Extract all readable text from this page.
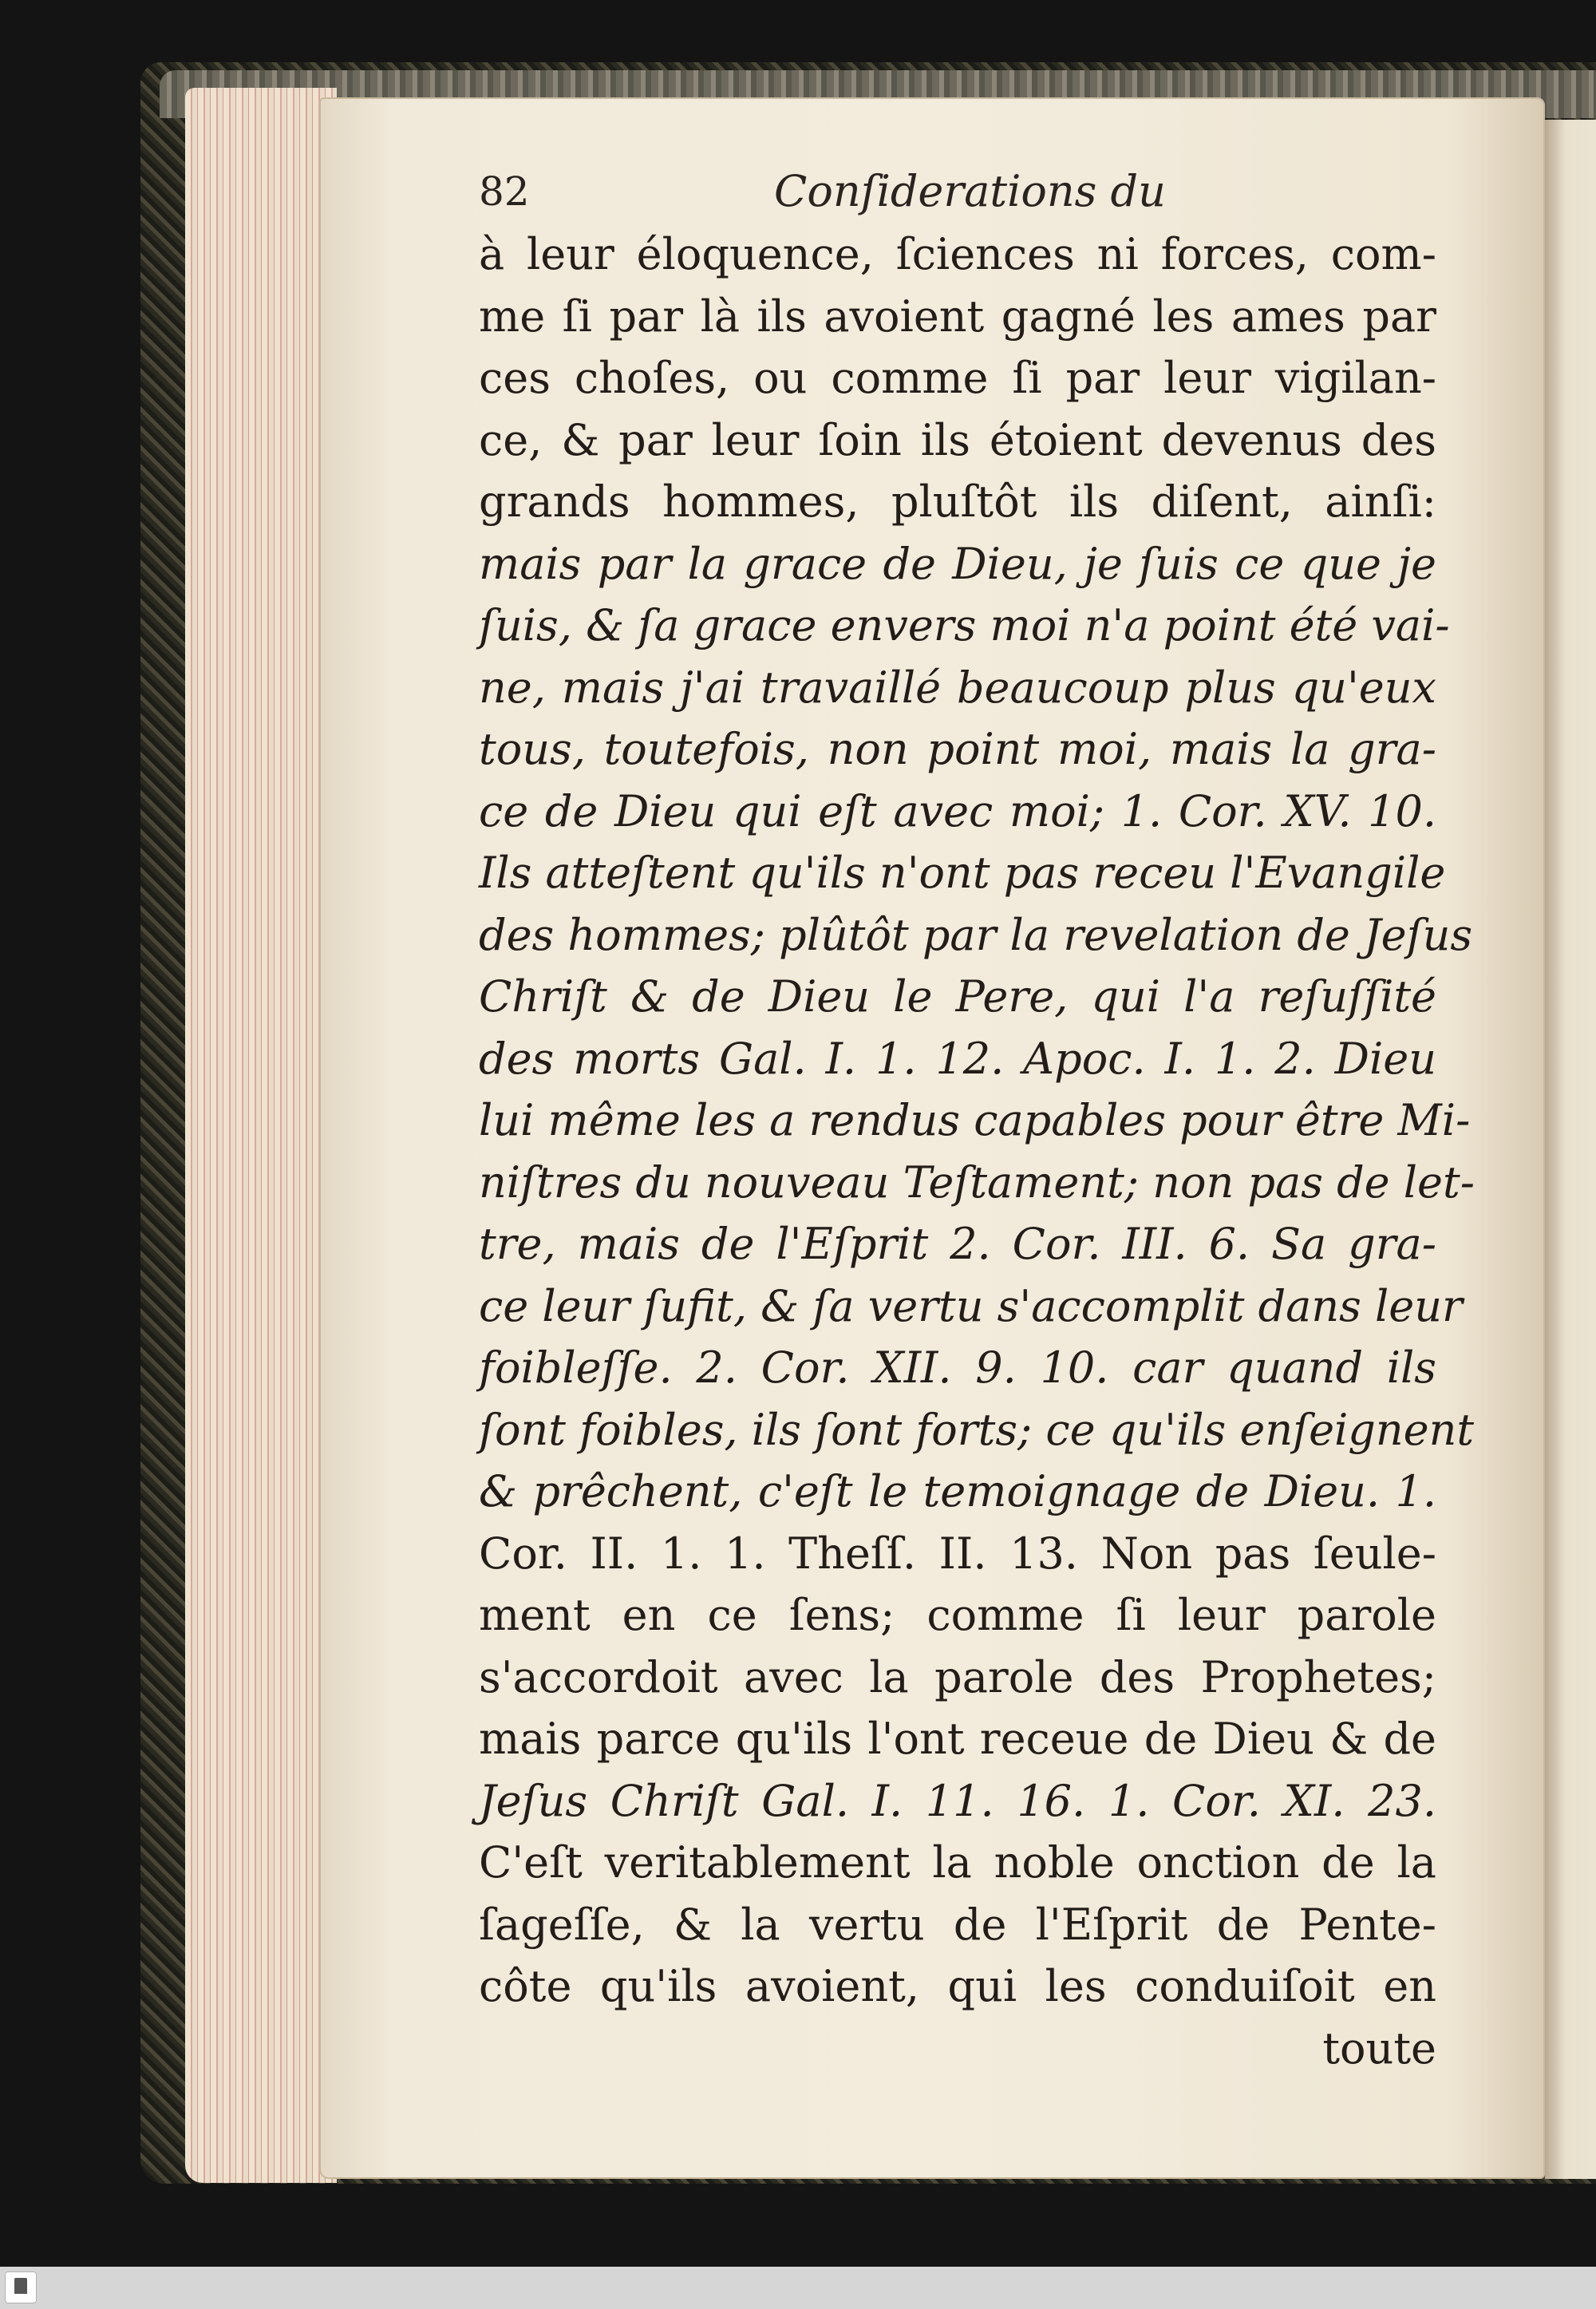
82	Conſiderations du
à leur éloquence, ſciences ni forces, com-
me ſi par là ils avoient gagné les ames par
ces choſes, ou comme ſi par leur vigilan-
ce, & par leur ſoin ils étoient devenus des
grands hommes, pluſtôt ils diſent, ainſi:
mais par la grace de Dieu, je ſuis ce que je
ſuis, & ſa grace envers moi n'a point été vai-
ne, mais j'ai travaillé beaucoup plus qu'eux
tous, toutefois, non point moi, mais la gra-
ce de Dieu qui eſt avec moi; 1. Cor. XV. 10.
Ils atteſtent qu'ils n'ont pas receu l'Evangile
des hommes; plûtôt par la revelation de Jeſus
Chriſt & de Dieu le Pere, qui l'a reſuſſité
des morts Gal. I. 1. 12. Apoc. I. 1. 2. Dieu
lui même les a rendus capables pour être Mi-
niſtres du nouveau Teſtament; non pas de let-
tre, mais de l'Eſprit 2. Cor. III. 6. Sa gra-
ce leur ſufit, & ſa vertu s'accomplit dans leur
foibleſſe. 2. Cor. XII. 9. 10. car quand ils
ſont foibles, ils ſont forts; ce qu'ils enſeignent
& prêchent, c'eſt le temoignage de Dieu. 1.
Cor. II. 1. 1. Theſſ. II. 13. Non pas ſeule-
ment en ce ſens; comme ſi leur parole
s'accordoit avec la parole des Prophetes;
mais parce qu'ils l'ont receue de Dieu & de
Jeſus Chriſt Gal. I. 11. 16. 1. Cor. XI. 23.
C'eſt veritablement la noble onction de la
ſageſſe, & la vertu de l'Eſprit de Pente-
côte qu'ils avoient, qui les conduiſoit en
toute
